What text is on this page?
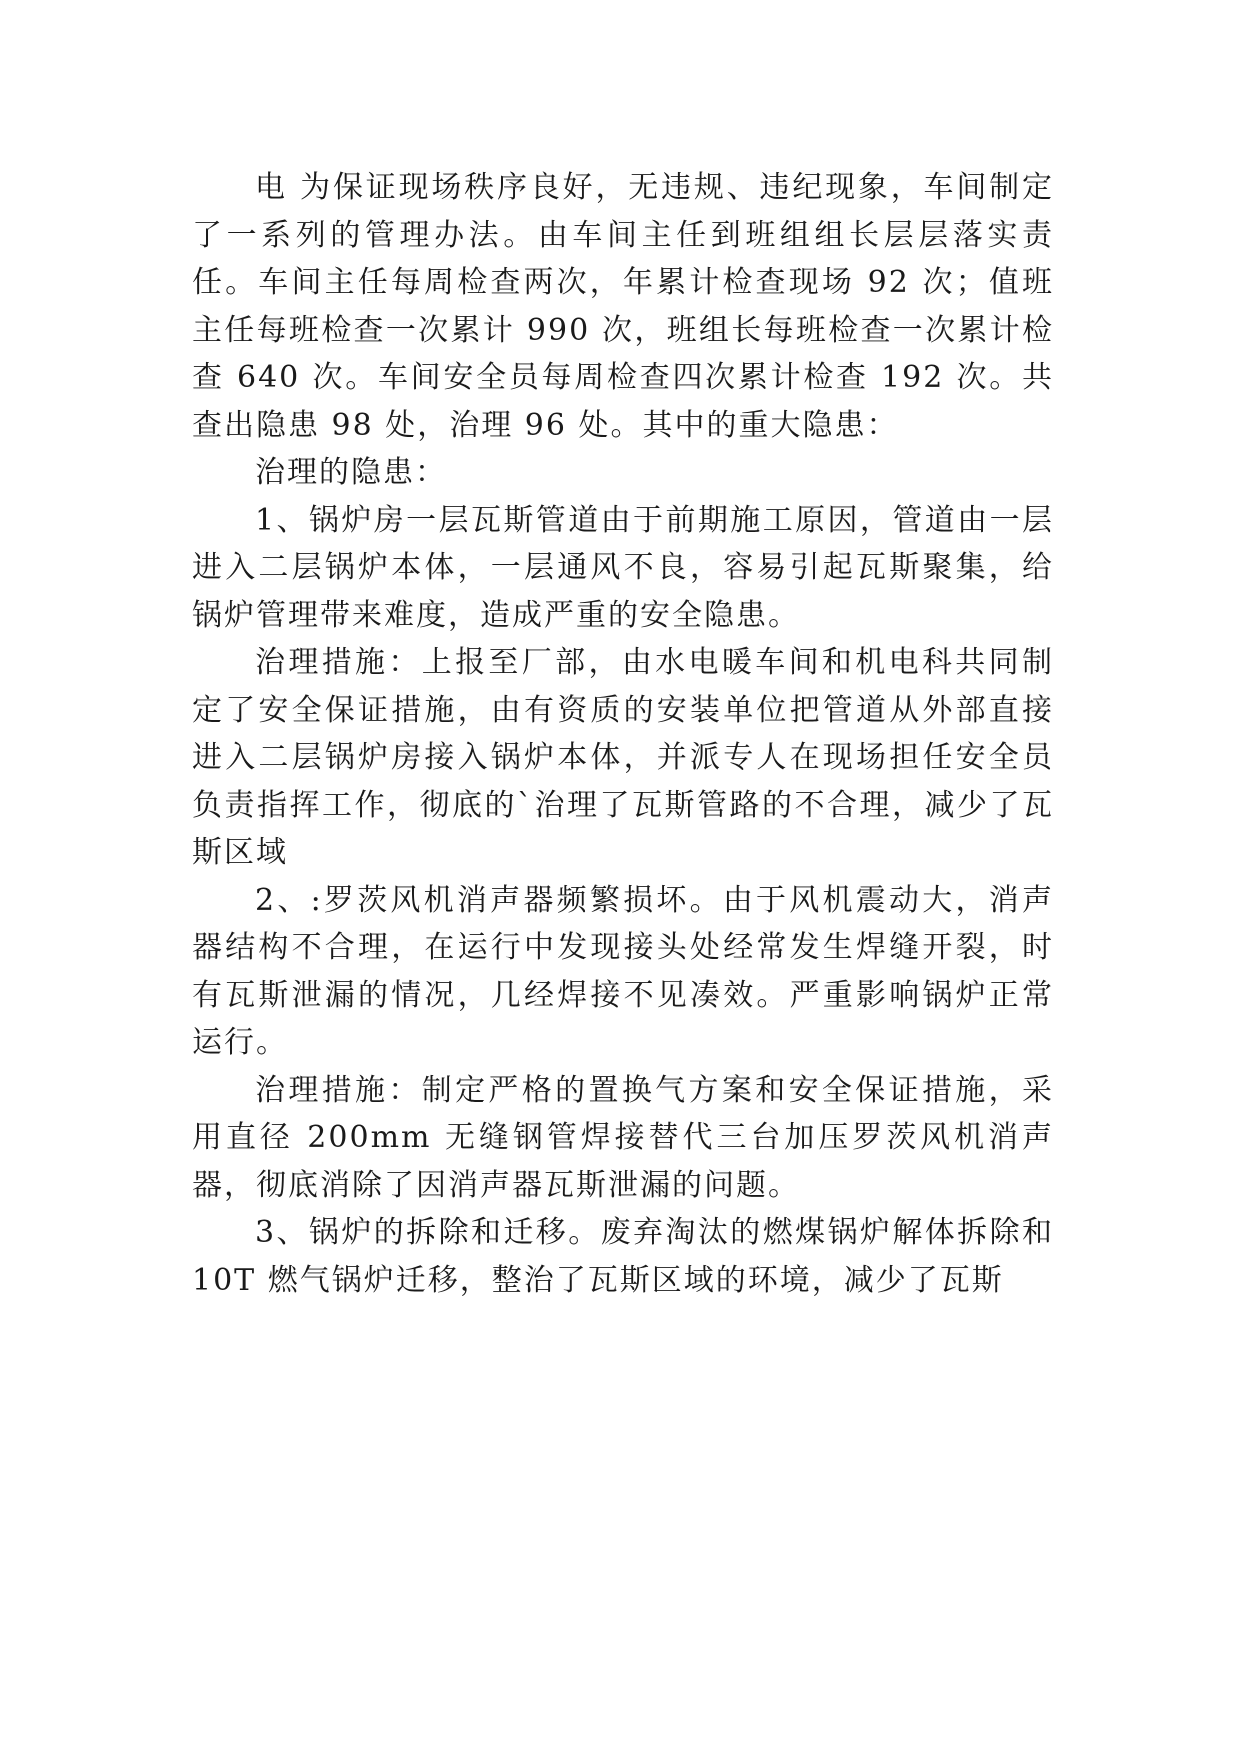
电 为保证现场秩序良好，无违规、违纪现象，车间制定了一系列的管理办法。由车间主任到班组组长层层落实责任。车间主任每周检查两次，年累计检查现场 92 次；值班主任每班检查一次累计 990 次，班组长每班检查一次累计检查 640 次。车间安全员每周检查四次累计检查 192 次。共查出隐患 98 处，治理 96 处。其中的重大隐患：

治理的隐患：

1、锅炉房一层瓦斯管道由于前期施工原因，管道由一层进入二层锅炉本体，一层通风不良，容易引起瓦斯聚集，给锅炉管理带来难度，造成严重的安全隐患。

治理措施：上报至厂部，由水电暖车间和机电科共同制定了安全保证措施，由有资质的安装单位把管道从外部直接进入二层锅炉房接入锅炉本体，并派专人在现场担任安全员负责指挥工作，彻底的`治理了瓦斯管路的不合理，减少了瓦斯区域

2、:罗茨风机消声器频繁损坏。由于风机震动大，消声器结构不合理，在运行中发现接头处经常发生焊缝开裂，时有瓦斯泄漏的情况，几经焊接不见凑效。严重影响锅炉正常运行。

治理措施：制定严格的置换气方案和安全保证措施，采用直径 200mm 无缝钢管焊接替代三台加压罗茨风机消声器，彻底消除了因消声器瓦斯泄漏的问题。

3、锅炉的拆除和迁移。废弃淘汰的燃煤锅炉解体拆除和 10T 燃气锅炉迁移，整治了瓦斯区域的环境，减少了瓦斯
